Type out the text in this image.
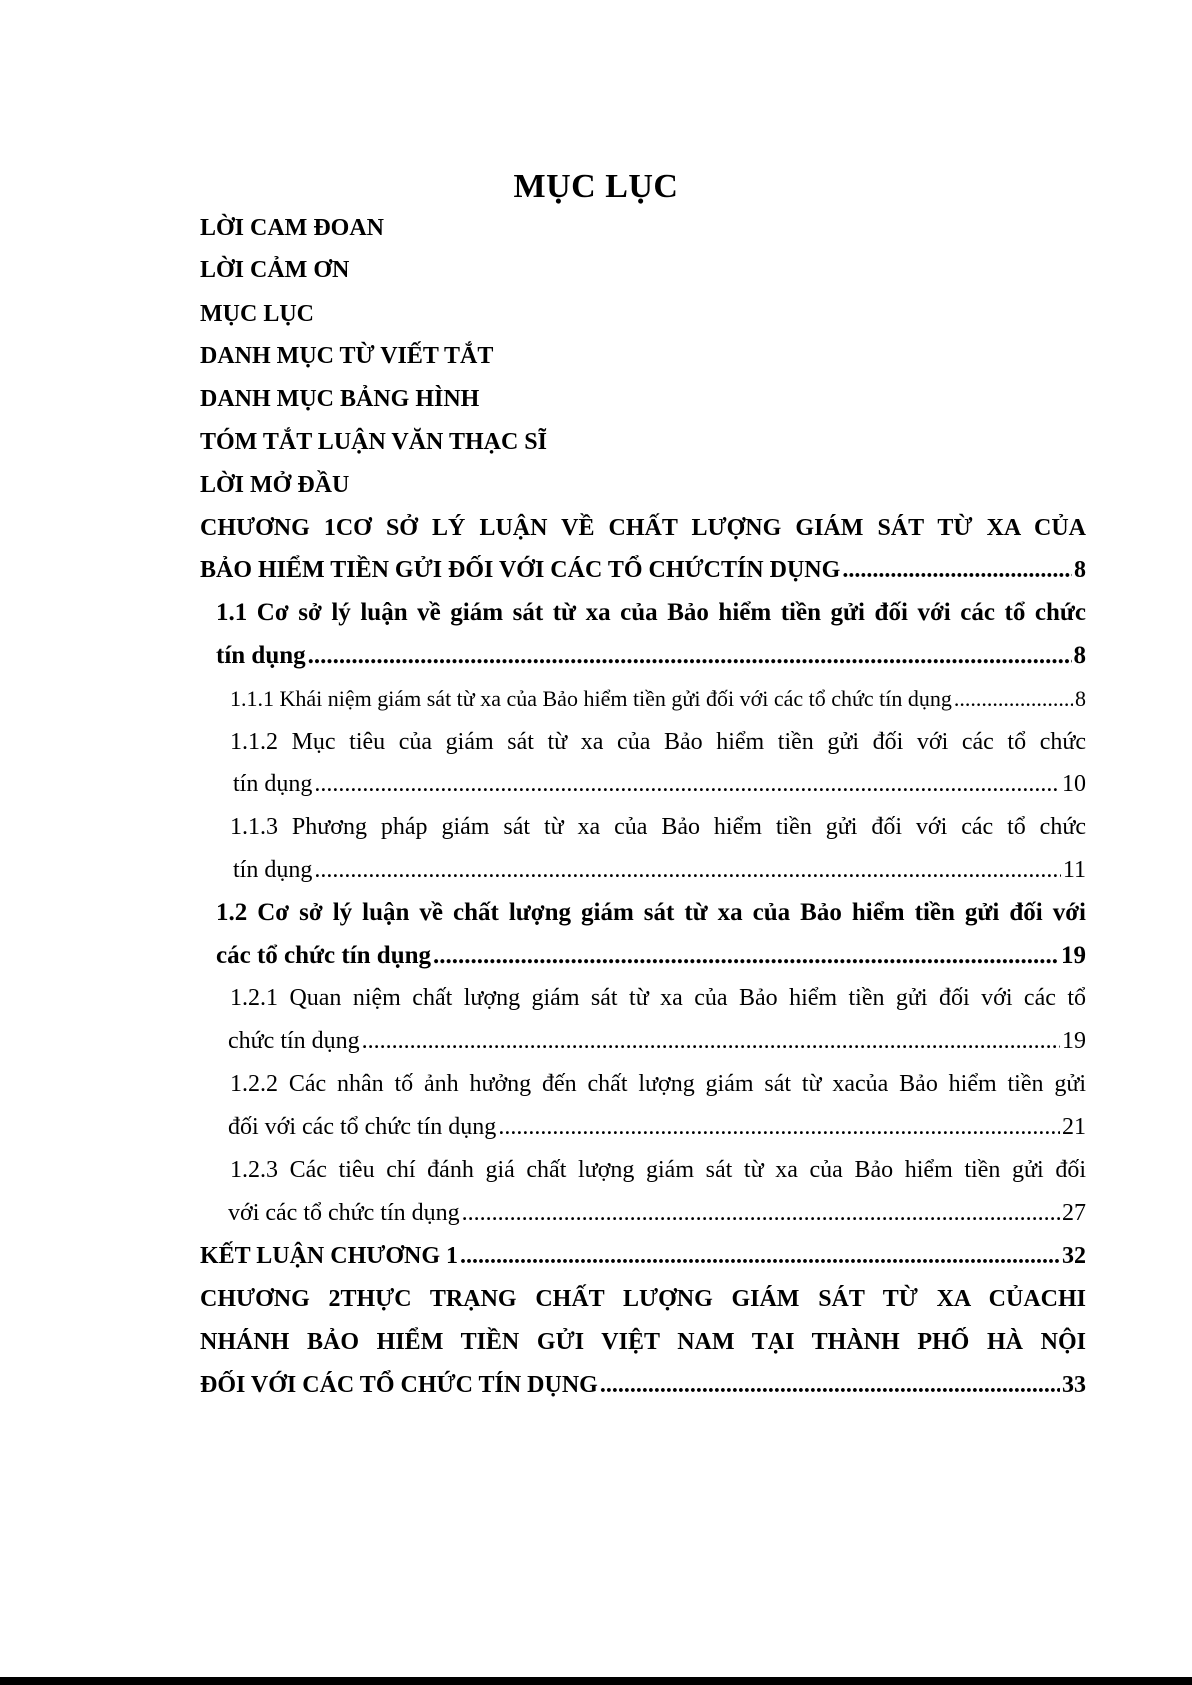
MỤC LỤC
LỜI CAM ĐOAN
LỜI CẢM ƠN
MỤC LỤC
DANH MỤC TỪ VIẾT TẮT
DANH MỤC BẢNG HÌNH
TÓM TẮT LUẬN VĂN THẠC SĨ
LỜI MỞ ĐẦU
CHƯƠNG 1CƠ SỞ LÝ LUẬN VỀ CHẤT LƯỢNG GIÁM SÁT TỪ XA CỦA
BẢO HIỂM TIỀN GỬI ĐỐI VỚI CÁC TỔ CHỨCTÍN DỤNG .....	8
1.1 Cơ sở lý luận về giám sát từ xa của Bảo hiểm tiền gửi đối với các tổ chức
tín dụng .....	8
1.1.1 Khái niệm giám sát từ xa của Bảo hiểm tiền gửi đối với các tổ chức tín dụng .....	8
1.1.2 Mục tiêu của giám sát từ xa của Bảo hiểm tiền gửi đối với các tổ chức
tín dụng .....	10
1.1.3 Phương pháp giám sát từ xa của Bảo hiểm tiền gửi đối với các tổ chức
tín dụng .....	11
1.2 Cơ sở lý luận về chất lượng giám sát từ xa của Bảo hiểm tiền gửi đối với
các tổ chức tín dụng .....	19
1.2.1 Quan niệm chất lượng giám sát từ xa của Bảo hiểm tiền gửi đối với các tổ
chức tín dụng .....	19
1.2.2 Các nhân tố ảnh hưởng đến chất lượng giám sát từ xacủa Bảo hiểm tiền gửi
đối với các tổ chức tín dụng .....	21
1.2.3 Các tiêu chí đánh giá chất lượng giám sát từ xa của Bảo hiểm tiền gửi đối
với các tổ chức tín dụng .....	27
KẾT LUẬN CHƯƠNG 1 .....	32
CHƯƠNG 2THỰC TRẠNG CHẤT LƯỢNG GIÁM SÁT TỪ XA CỦACHI
NHÁNH BẢO HIỂM TIỀN GỬI VIỆT NAM TẠI THÀNH PHỐ HÀ NỘI
ĐỐI VỚI CÁC TỔ CHỨC TÍN DỤNG .....	33
